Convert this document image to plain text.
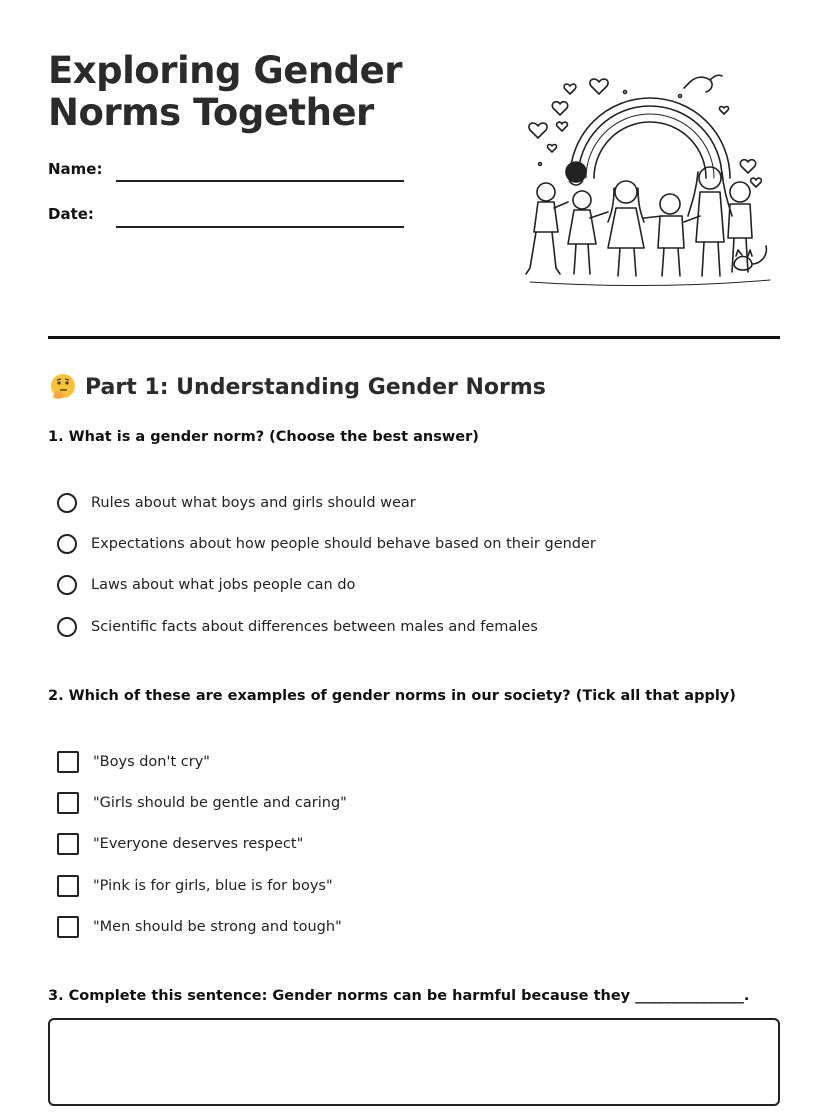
Exploring Gender
Norms Together
Name:
Date:
Part 1: Understanding Gender Norms
1. What is a gender norm? (Choose the best answer)
Rules about what boys and girls should wear
Expectations about how people should behave based on their gender
Laws about what jobs people can do
Scientific facts about differences between males and females
2. Which of these are examples of gender norms in our society? (Tick all that apply)
"Boys don't cry"
"Girls should be gentle and caring"
"Everyone deserves respect"
"Pink is for girls, blue is for boys"
"Men should be strong and tough"
3. Complete this sentence: Gender norms can be harmful because they _______________.
